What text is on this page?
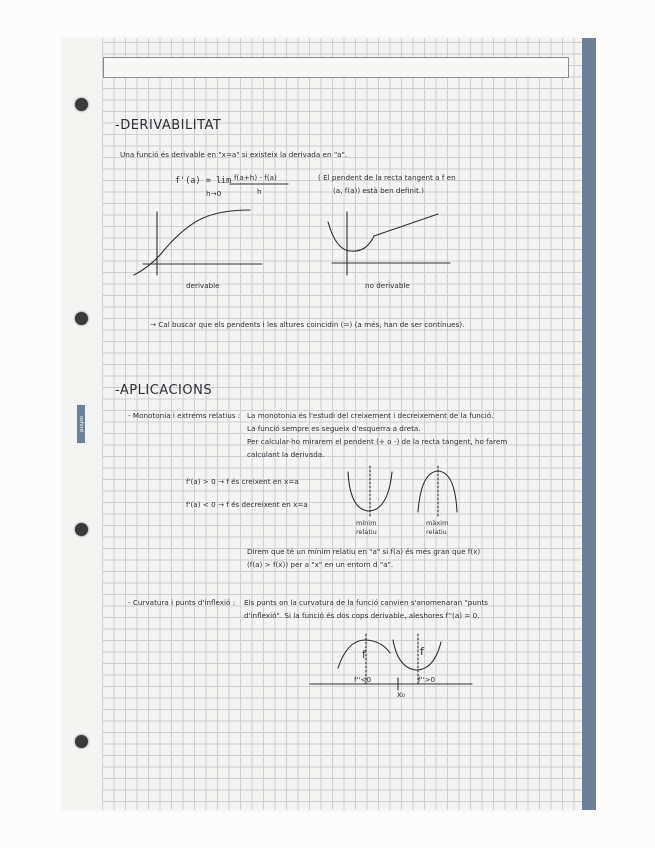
oxford
-DERIVABILITAT
Una funció és derivable en "x=a" si existeix la derivada en "a".
f'(a) = lim
h→0
f(a+h) - f(a)
h
( El pendent de la recta tangent a f en
(a, f(a)) està ben definit.)
derivable	no derivable
→ Cal buscar que els pendents i les altures coincidin (=) (a més, han de ser contínues).
-APLICACIONS
- Monotonia i extrems relatius : La monotonia és l'estudi del creixement i decreixement de la funció.
La funció sempre es segueix d'esquerra a dreta.
Per calcular-ho mirarem el pendent (+ o -) de la recta tangent, ho farem
calculant la derivada.
f'(a) > 0 → f és creixent en x=a
f'(a) < 0 → f és decreixent en x=a
mínim
relatiu
màxim
relatiu
Direm que té un mínim relatiu en "a" si f(a) és més gran que f(x)
(f(a) > f(x)) per a "x" en un entorn d "a".
- Curvatura i punts d'inflexió : Els punts on la curvatura de la funció canvien s'anomenaran "punts
d'inflexió". Si la funció és dos cops derivable, aleshores f''(a) = 0.
f	f
f''<0	f''>0
x₀
